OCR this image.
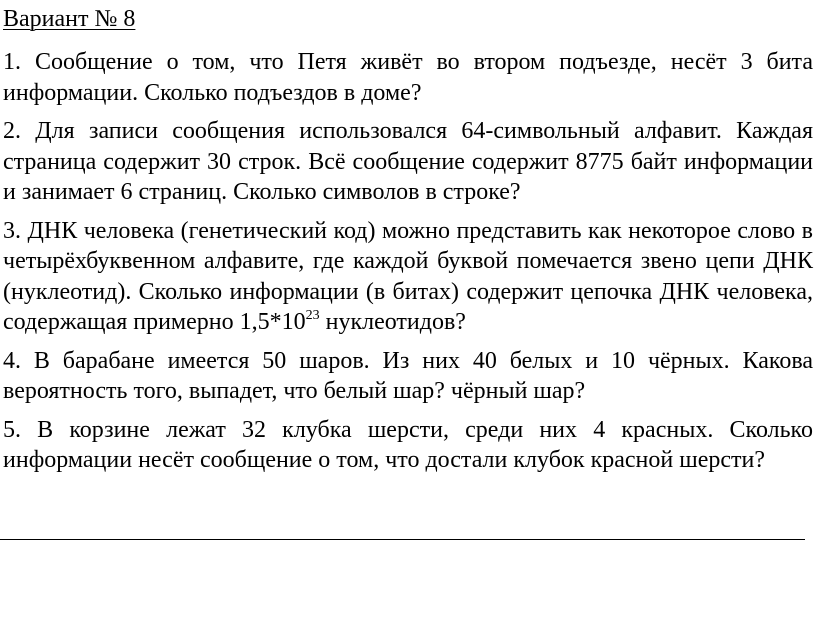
Вариант № 8

1. Сообщение о том, что Петя живёт во втором подъезде, несёт 3 бита информации. Сколько подъездов в доме?

2. Для записи сообщения использовался 64-символьный алфавит. Каждая страница содержит 30 строк. Всё сообщение содержит 8775 байт информации и занимает 6 страниц. Сколько символов в строке?

3. ДНК человека (генетический код) можно представить как некоторое слово в четырёхбуквенном алфавите, где каждой буквой помечается звено цепи ДНК (нуклеотид). Сколько информации (в битах) содержит цепочка ДНК человека, содержащая примерно $1,5*10^{23}$ нуклеотидов?

4. В барабане имеется 50 шаров. Из них 40 белых и 10 чёрных. Какова вероятность того, выпадет, что белый шар? чёрный шар?

5. В корзине лежат 32 клубка шерсти, среди них 4 красных. Сколько информации несёт сообщение о том, что достали клубок красной шерсти?
